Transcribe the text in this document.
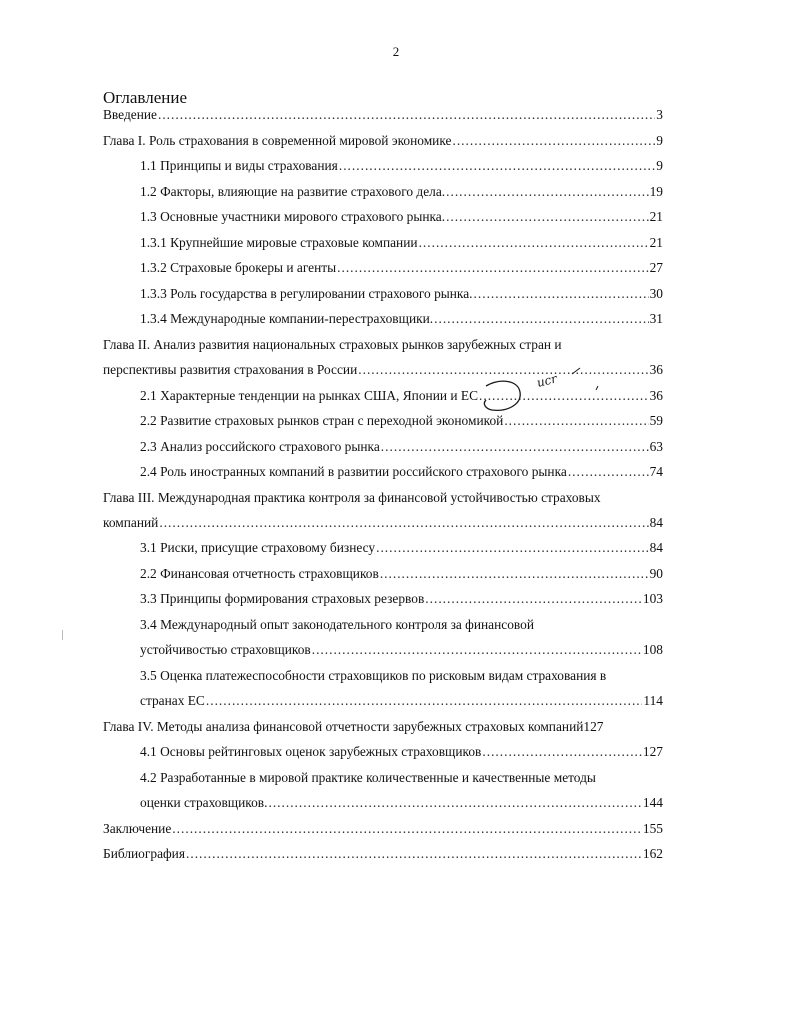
2
Оглавление
Введение .....	3
Глава I. Роль страхования в современной мировой экономике .....	9
1.1 Принципы и виды страхования .....	9
1.2 Факторы, влияющие на развитие страхового дела. .....	19
1.3 Основные участники мирового страхового рынка. .....	21
1.3.1 Крупнейшие мировые страховые компании .....	21
1.3.2 Страховые брокеры и агенты .....	27
1.3.3 Роль государства в регулировании страхового рынка. .....	30
1.3.4 Международные компании-перестраховщики. .....	31
Глава II. Анализ развития национальных страховых рынков зарубежных стран и
перспективы развития страхования в России .....	36
2.1 Характерные тенденции на рынках США, Японии и ЕС .....	36
2.2 Развитие страховых рынков стран с переходной экономикой .....	59
2.3 Анализ российского страхового рынка .....	63
2.4 Роль иностранных компаний в развитии российского страхового рынка .....	74
Глава III. Международная практика контроля за финансовой устойчивостью страховых
компаний .....	84
3.1 Риски, присущие страховому бизнесу .....	84
2.2 Финансовая отчетность страховщиков .....	90
3.3 Принципы формирования страховых резервов .....	103
3.4 Международный опыт законодательного контроля за финансовой
устойчивостью страховщиков .....	108
3.5 Оценка платежеспособности страховщиков по рисковым видам страхования в
странах ЕС .....	114
Глава IV. Методы анализа финансовой отчетности зарубежных страховых компаний 127
4.1 Основы рейтинговых оценок зарубежных страховщиков .....	127
4.2 Разработанные в мировой практике количественные и качественные методы
оценки страховщиков. .....	144
Заключение .....	155
Библиография .....	162
ucr
